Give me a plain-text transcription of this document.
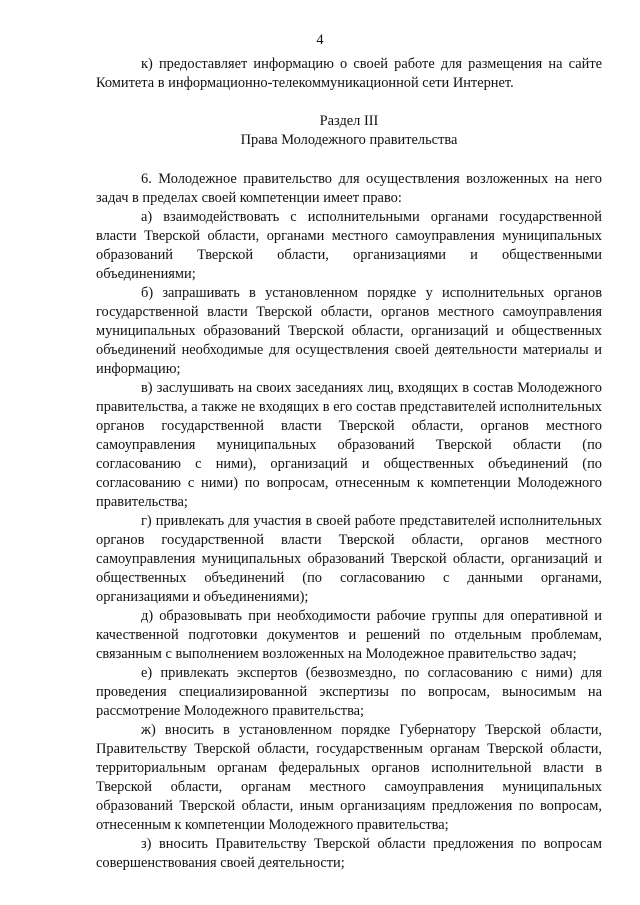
4

к) предоставляет информацию о своей работе для размещения на сайте Комитета в информационно-телекоммуникационной сети Интернет.

Раздел III
Права Молодежного правительства

6. Молодежное правительство для осуществления возложенных на него задач в пределах своей компетенции имеет право:

а) взаимодействовать с исполнительными органами государственной власти Тверской области, органами местного самоуправления муниципальных образований Тверской области, организациями и общественными объединениями;

б) запрашивать в установленном порядке у исполнительных органов государственной власти Тверской области, органов местного самоуправления муниципальных образований Тверской области, организаций и общественных объединений необходимые для осуществления своей деятельности материалы и информацию;

в) заслушивать на своих заседаниях лиц, входящих в состав Молодежного правительства, а также не входящих в его состав представителей исполнительных органов государственной власти Тверской области, органов местного самоуправления муниципальных образований Тверской области (по согласованию с ними), организаций и общественных объединений (по согласованию с ними) по вопросам, отнесенным к компетенции Молодежного правительства;

г) привлекать для участия в своей работе представителей исполнительных органов государственной власти Тверской области, органов местного самоуправления муниципальных образований Тверской области, организаций и общественных объединений (по согласованию с данными органами, организациями и объединениями);

д) образовывать при необходимости рабочие группы для оперативной и качественной подготовки документов и решений по отдельным проблемам, связанным с выполнением возложенных на Молодежное правительство задач;

е) привлекать экспертов (безвозмездно, по согласованию с ними) для проведения специализированной экспертизы по вопросам, выносимым на рассмотрение Молодежного правительства;

ж) вносить в установленном порядке Губернатору Тверской области, Правительству Тверской области, государственным органам Тверской области, территориальным органам федеральных органов исполнительной власти в Тверской области, органам местного самоуправления муниципальных образований Тверской области, иным организациям предложения по вопросам, отнесенным к компетенции Молодежного правительства;

з) вносить Правительству Тверской области предложения по вопросам совершенствования своей деятельности;
